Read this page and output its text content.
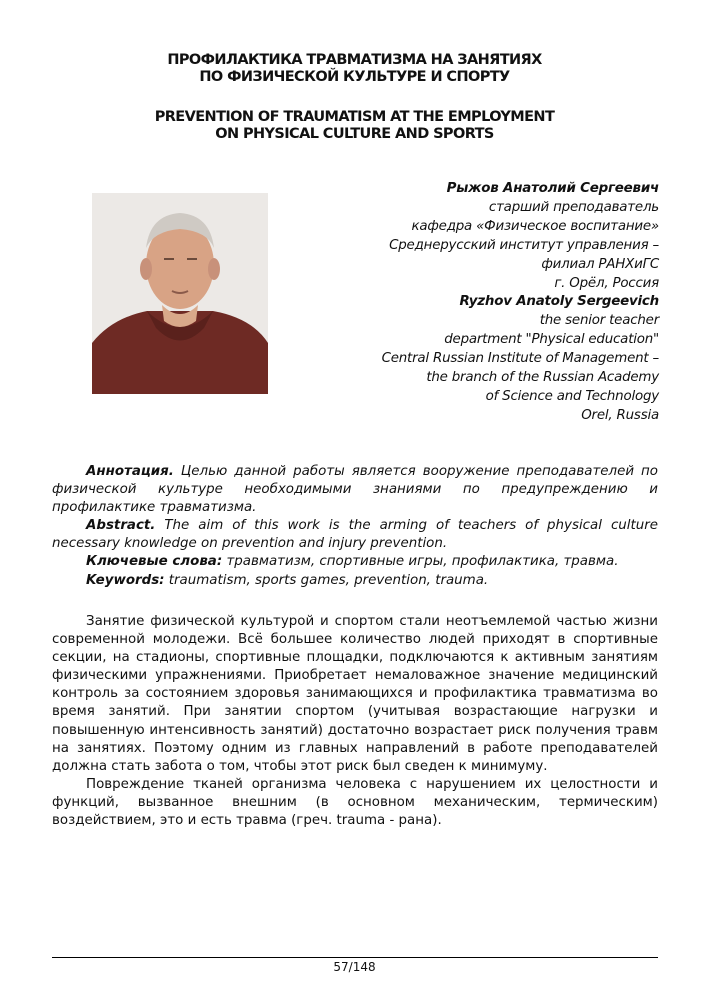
ПРОФИЛАКТИКА ТРАВМАТИЗМА НА ЗАНЯТИЯХ
ПО ФИЗИЧЕСКОЙ КУЛЬТУРЕ И СПОРТУ
PREVENTION OF TRAUMATISM AT THE EMPLOYMENT
ON PHYSICAL CULTURE AND SPORTS
Рыжов Анатолий Сергеевич
старший преподаватель
кафедра «Физическое воспитание»
Среднерусский институт управления –
филиал РАНХиГС
г. Орёл, Россия
Ryzhov Anatoly Sergeevich
the senior teacher
department "Physical education"
Central Russian Institute of Management –
the branch of the Russian Academy
of Science and Technology
Orel, Russia

Аннотация. Целью данной работы является вооружение преподавателей по физической культуре необходимыми знаниями по предупреждению и профилактике травматизма.

Abstract. The aim of this work is the arming of teachers of physical culture necessary knowledge on prevention and injury prevention.

Ключевые слова: травматизм, спортивные игры, профилактика, травма.

Keywords: traumatism, sports games, prevention, trauma.

Занятие физической культурой и спортом стали неотъемлемой частью жизни современной молодежи. Всё большее количество людей приходят в спортивные секции, на стадионы, спортивные площадки, подключаются к активным занятиям физическими упражнениями. Приобретает немаловажное значение медицинский контроль за состоянием здоровья занимающихся и профилактика травматизма во время занятий. При занятии спортом (учитывая возрастающие нагрузки и повышенную интенсивность занятий) достаточно возрастает риск получения травм на занятиях. Поэтому одним из главных направлений в работе преподавателей должна стать забота о том, чтобы этот риск был сведен к минимуму.

Повреждение тканей организма человека с нарушением их целостности и функций, вызванное внешним (в основном механическим, термическим) воздействием, это и есть травма (греч. trauma - рана).

57/148
